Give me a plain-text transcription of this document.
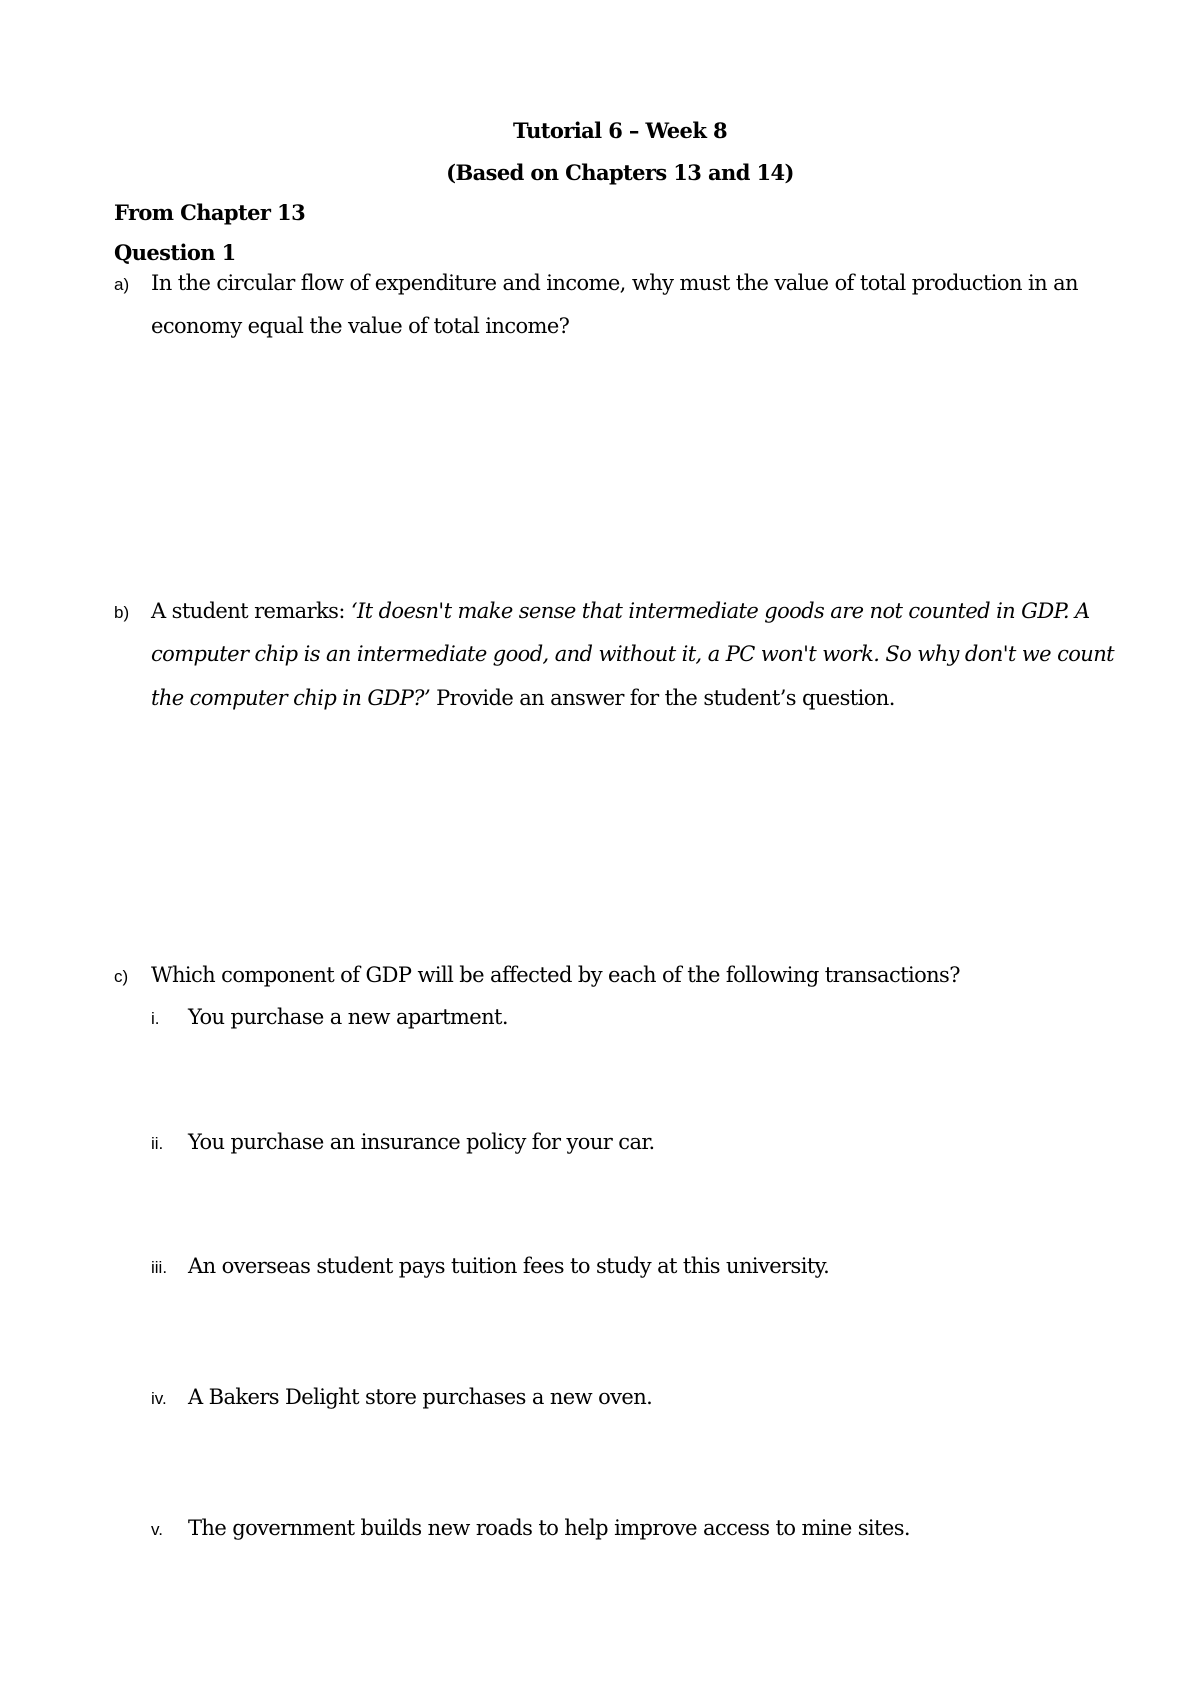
Tutorial 6 – Week 8
(Based on Chapters 13 and 14)
From Chapter 13
Question 1
a) In the circular flow of expenditure and income, why must the value of total production in an
economy equal the value of total income?
b) A student remarks: ‘It doesn't make sense that intermediate goods are not counted in GDP. A
computer chip is an intermediate good, and without it, a PC won't work. So why don't we count
the computer chip in GDP?’ Provide an answer for the student’s question.
c) Which component of GDP will be affected by each of the following transactions?
i. You purchase a new apartment.
ii. You purchase an insurance policy for your car.
iii. An overseas student pays tuition fees to study at this university.
iv. A Bakers Delight store purchases a new oven.
v. The government builds new roads to help improve access to mine sites.
